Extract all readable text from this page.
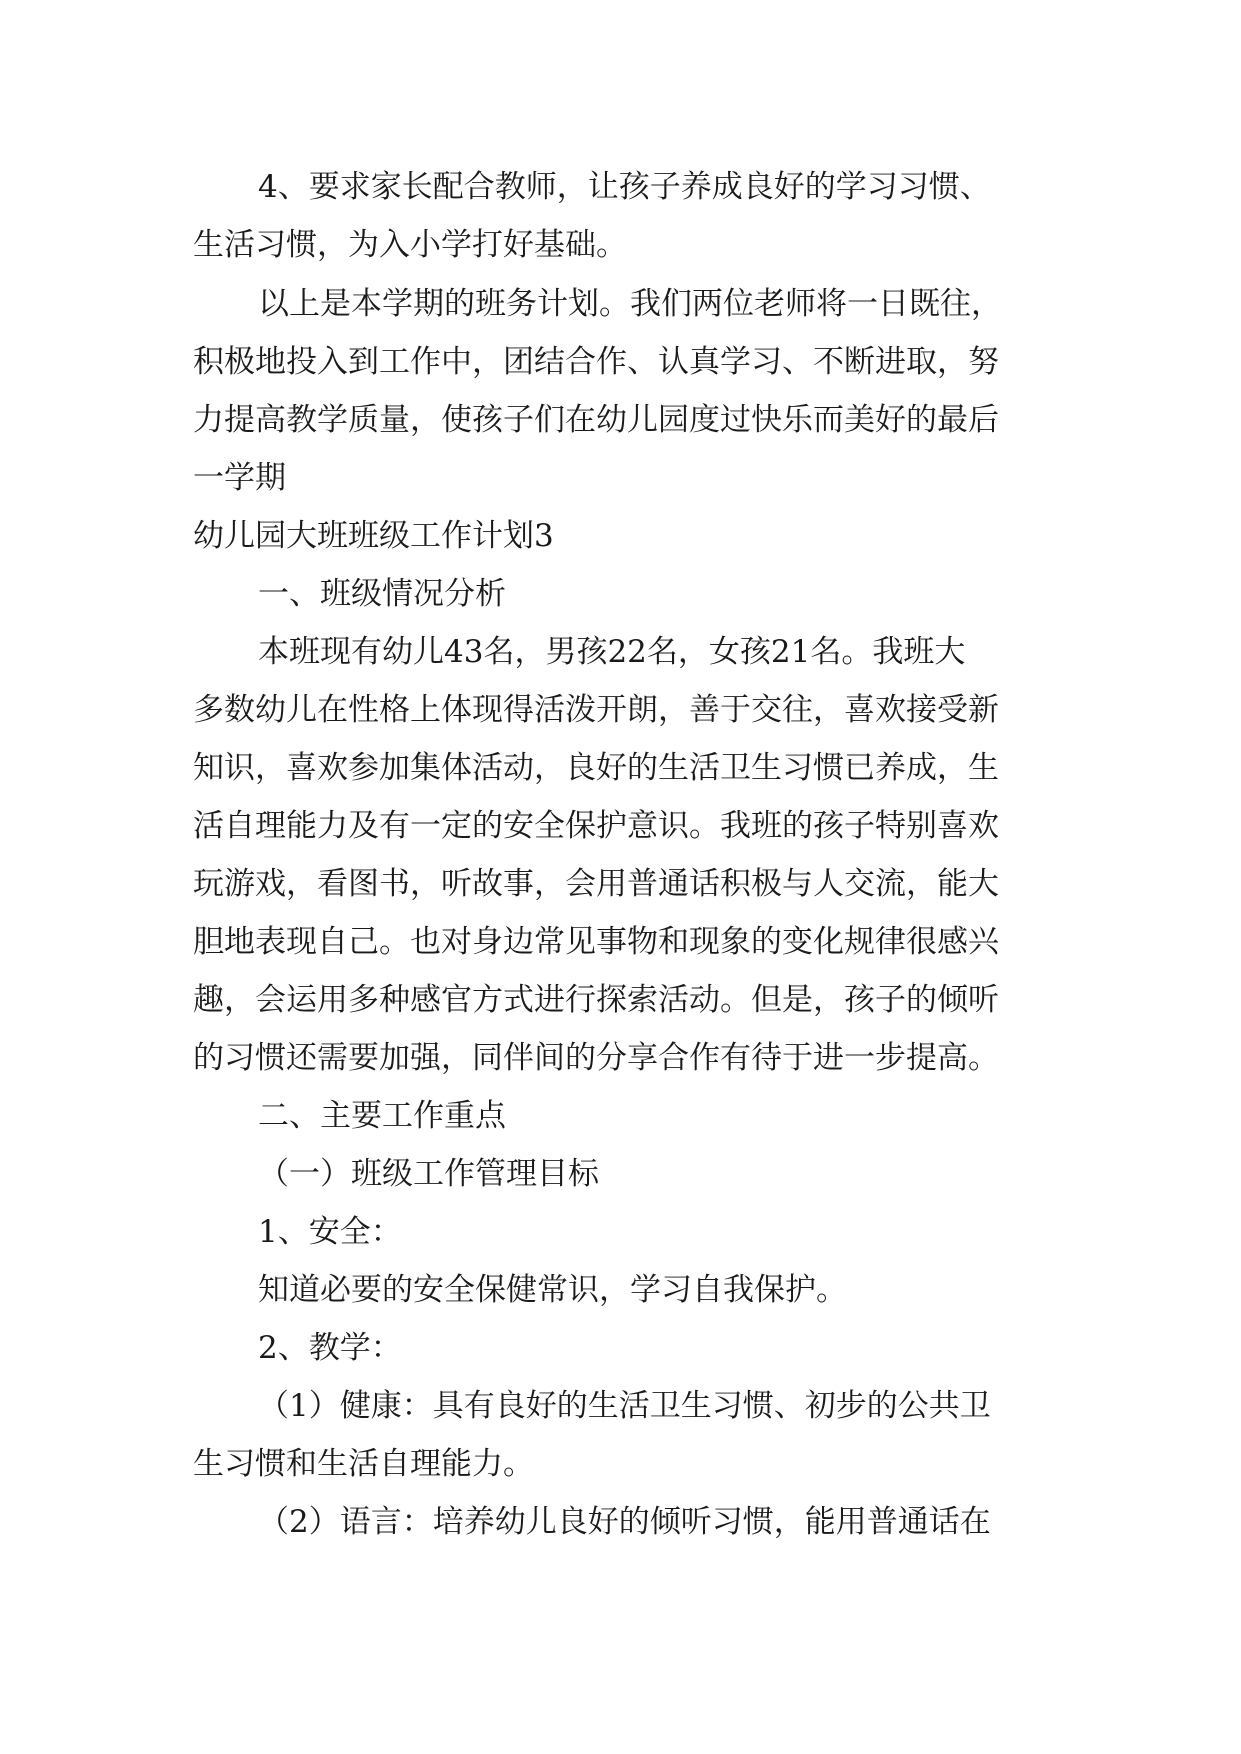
4、要求家长配合教师，让孩子养成良好的学习习惯、
生活习惯，为入小学打好基础。
以上是本学期的班务计划。我们两位老师将一日既往，
积极地投入到工作中，团结合作、认真学习、不断进取，努
力提高教学质量，使孩子们在幼儿园度过快乐而美好的最后
一学期
幼儿园大班班级工作计划3
一、班级情况分析
本班现有幼儿43名，男孩22名，女孩21名。我班大
多数幼儿在性格上体现得活泼开朗，善于交往，喜欢接受新
知识，喜欢参加集体活动，良好的生活卫生习惯已养成，生
活自理能力及有一定的安全保护意识。我班的孩子特别喜欢
玩游戏，看图书，听故事，会用普通话积极与人交流，能大
胆地表现自己。也对身边常见事物和现象的变化规律很感兴
趣，会运用多种感官方式进行探索活动。但是，孩子的倾听
的习惯还需要加强，同伴间的分享合作有待于进一步提高。
二、主要工作重点
（一）班级工作管理目标
1、安全：
知道必要的安全保健常识，学习自我保护。
2、教学：
（1）健康：具有良好的生活卫生习惯、初步的公共卫
生习惯和生活自理能力。
（2）语言：培养幼儿良好的倾听习惯，能用普通话在
